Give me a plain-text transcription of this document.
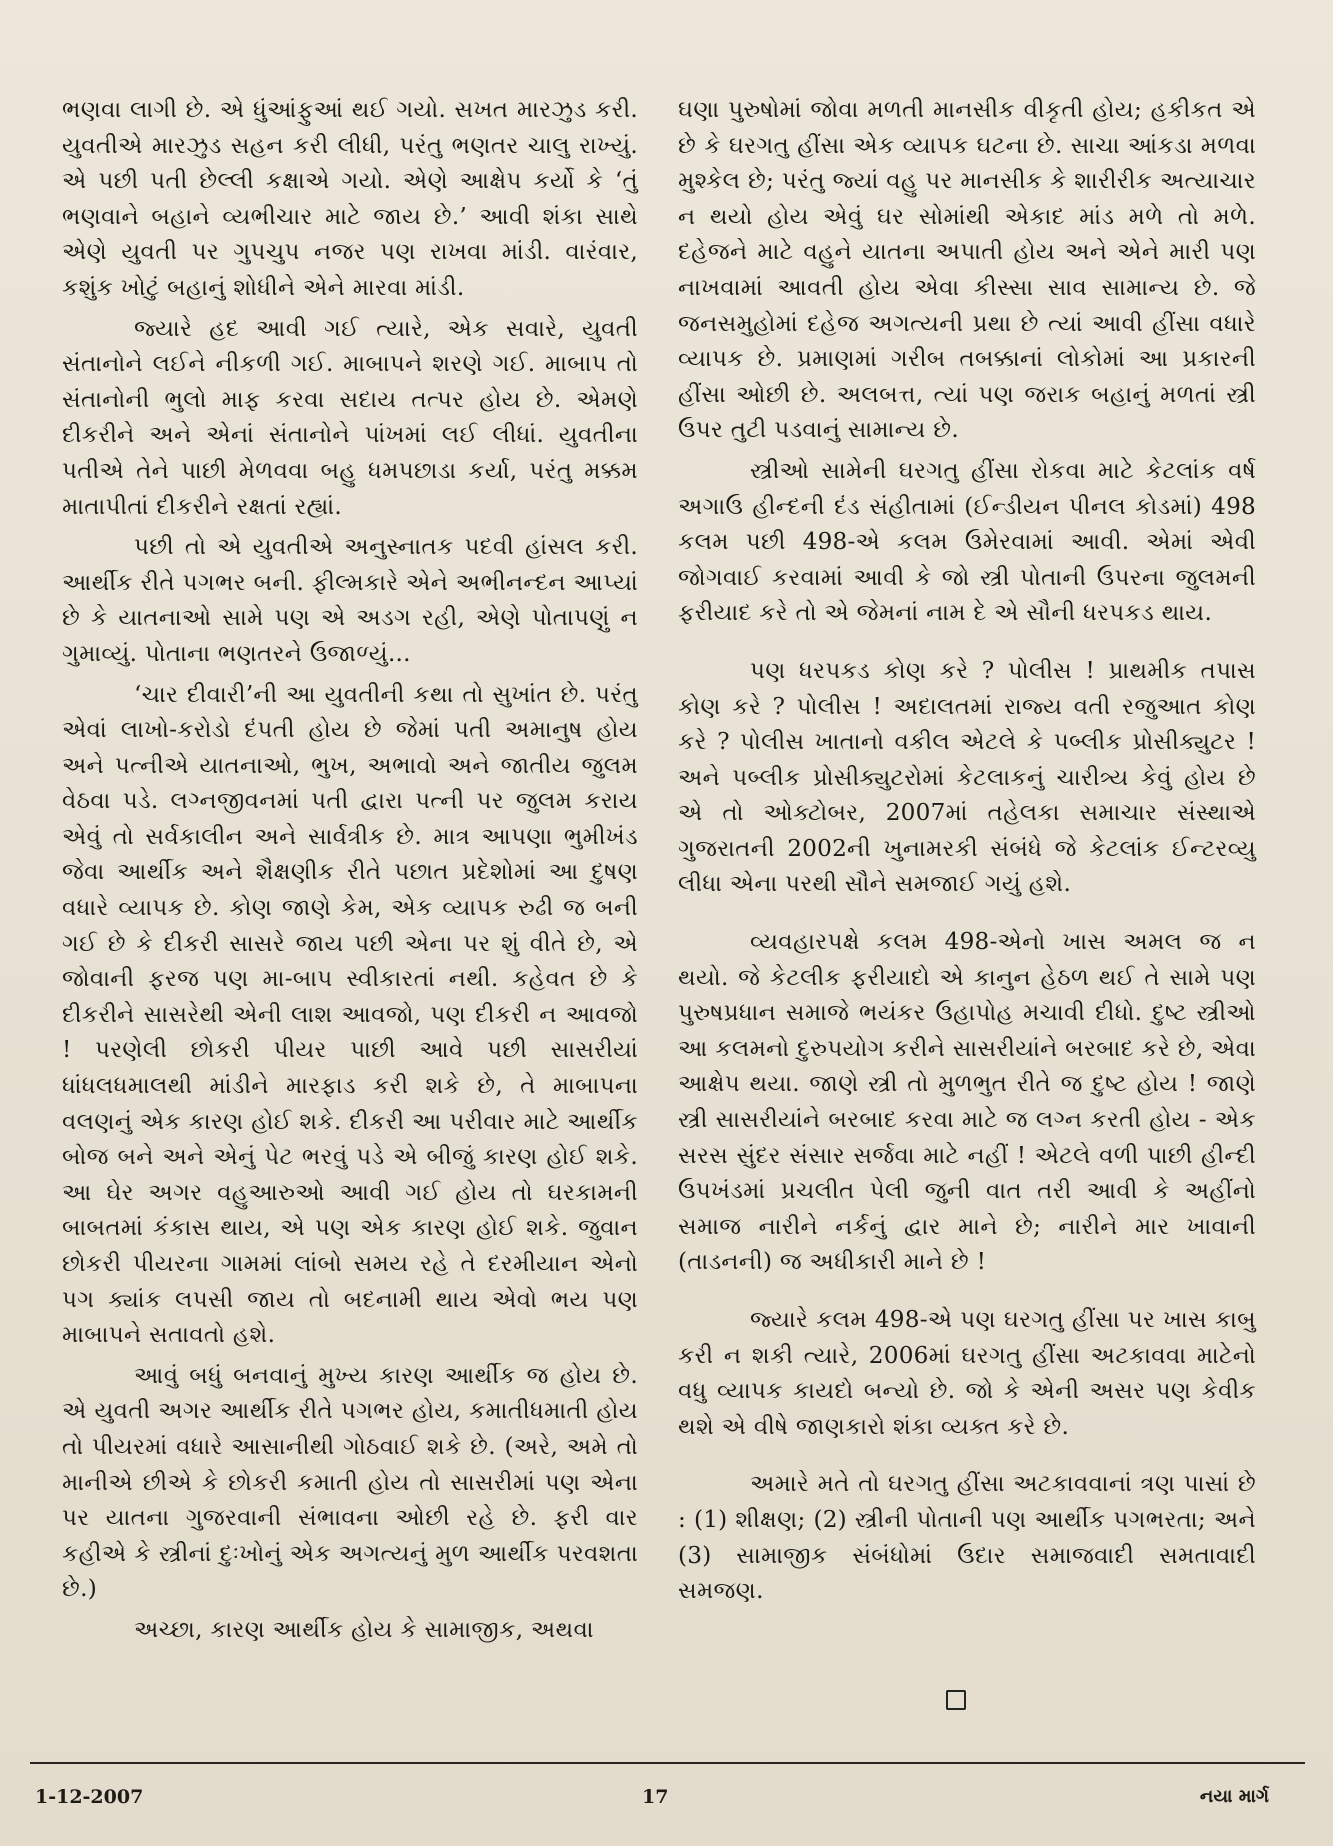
ભણવા લાગી છે. એ ધુંઆંફુઆં થઈ ગયો. સખત મારઝુડ કરી. યુવતીએ મારઝુડ સહન કરી લીધી, પરંતુ ભણતર ચાલુ રાખ્યું. એ પછી પતી છેલ્લી કક્ષાએ ગયો. એણે આક્ષેપ કર્યો કે ‘તું ભણવાને બહાને વ્યભીચાર માટે જાય છે.’ આવી શંકા સાથે એણે યુવતી પર ગુપચુપ નજર પણ રાખવા માંડી. વારંવાર, કશુંક ખોટું બહાનું શોધીને એને મારવા માંડી.

જ્યારે હદ આવી ગઈ ત્યારે, એક સવારે, યુવતી સંતાનોને લઈને નીકળી ગઈ. માબાપને શરણે ગઈ. માબાપ તો સંતાનોની ભુલો માફ કરવા સદાય તત્પર હોય છે. એમણે દીકરીને અને એનાં સંતાનોને પાંખમાં લઈ લીધાં. યુવતીના પતીએ તેને પાછી મેળવવા બહુ ધમપછાડા કર્યા, પરંતુ મક્કમ માતાપીતાં દીકરીને રક્ષતાં રહ્યાં.

પછી તો એ યુવતીએ અનુસ્નાતક પદવી હાંસલ કરી. આર્થીક રીતે પગભર બની. ફીલ્મકારે એને અભીનન્દન આપ્યાં છે કે યાતનાઓ સામે પણ એ અડગ રહી, એણે પોતાપણું ન ગુમાવ્યું. પોતાના ભણતરને ઉજાળ્યું...

‘ચાર દીવારી’ની આ યુવતીની કથા તો સુખાંત છે. પરંતુ એવાં લાખો-કરોડો દંપતી હોય છે જેમાં પતી અમાનુષ હોય અને પત્નીએ યાતનાઓ, ભુખ, અભાવો અને જાતીય જુલમ વેઠવા પડે. લગ્નજીવનમાં પતી દ્વારા પત્ની પર જુલમ કરાય એવું તો સર્વકાલીન અને સાર્વત્રીક છે. માત્ર આપણા ભુમીખંડ જેવા આર્થીક અને શૈક્ષણીક રીતે પછાત પ્રદેશોમાં આ દુષણ વધારે વ્યાપક છે. કોણ જાણે કેમ, એક વ્યાપક રુઢી જ બની ગઈ છે કે દીકરી સાસરે જાય પછી એના પર શું વીતે છે, એ જોવાની ફરજ પણ મા-બાપ સ્વીકારતાં નથી. કહેવત છે કે દીકરીને સાસરેથી એની લાશ આવજો, પણ દીકરી ન આવજો ! પરણેલી છોકરી પીયર પાછી આવે પછી સાસરીયાં ધાંધલધમાલથી માંડીને મારફાડ કરી શકે છે, તે માબાપના વલણનું એક કારણ હોઈ શકે. દીકરી આ પરીવાર માટે આર્થીક બોજ બને અને એનું પેટ ભરવું પડે એ બીજું કારણ હોઈ શકે. આ ઘેર અગર વહુઆરુઓ આવી ગઈ હોય તો ઘરકામની બાબતમાં કંકાસ થાય, એ પણ એક કારણ હોઈ શકે. જુવાન છોકરી પીયરના ગામમાં લાંબો સમય રહે તે દરમીયાન એનો પગ ક્યાંક લપસી જાય તો બદનામી થાય એવો ભય પણ માબાપને સતાવતો હશે.

આવું બધું બનવાનું મુખ્ય કારણ આર્થીક જ હોય છે. એ યુવતી અગર આર્થીક રીતે પગભર હોય, કમાતીધમાતી હોય તો પીયરમાં વધારે આસાનીથી ગોઠવાઈ શકે છે. (અરે, અમે તો માનીએ છીએ કે છોકરી કમાતી હોય તો સાસરીમાં પણ એના પર યાતના ગુજરવાની સંભાવના ઓછી રહે છે. ફરી વાર કહીએ કે સ્ત્રીનાં દુઃખોનું એક અગત્યનું મુળ આર્થીક પરવશતા છે.)

અચ્છા, કારણ આર્થીક હોય કે સામાજીક, અથવા

ઘણા પુરુષોમાં જોવા મળતી માનસીક વીકૃતી હોય; હકીકત એ છે કે ઘરગતુ હીંસા એક વ્યાપક ઘટના છે. સાચા આંકડા મળવા મુશ્કેલ છે; પરંતુ જ્યાં વહુ પર માનસીક કે શારીરીક અત્યાચાર ન થયો હોય એવું ઘર સોમાંથી એકાદ માંડ મળે તો મળે. દહેજને માટે વહુને યાતના અપાતી હોય અને એને મારી પણ નાખવામાં આવતી હોય એવા કીસ્સા સાવ સામાન્ય છે. જે જનસમુહોમાં દહેજ અગત્યની પ્રથા છે ત્યાં આવી હીંસા વધારે વ્યાપક છે. પ્રમાણમાં ગરીબ તબક્કાનાં લોકોમાં આ પ્રકારની હીંસા ઓછી છે. અલબત્ત, ત્યાં પણ જરાક બહાનું મળતાં સ્ત્રી ઉપર તુટી પડવાનું સામાન્ય છે.

સ્ત્રીઓ સામેની ઘરગતુ હીંસા રોકવા માટે કેટલાંક વર્ષ અગાઉ હીન્દની દંડ સંહીતામાં (ઈન્ડીયન પીનલ કોડમાં) 498 કલમ પછી 498-એ કલમ ઉમેરવામાં આવી. એમાં એવી જોગવાઈ કરવામાં આવી કે જો સ્ત્રી પોતાની ઉપરના જુલમની ફરીયાદ કરે તો એ જેમનાં નામ દે એ સૌની ધરપકડ થાય.

પણ ધરપકડ કોણ કરે ? પોલીસ ! પ્રાથમીક તપાસ કોણ કરે ? પોલીસ ! અદાલતમાં રાજ્ય વતી રજુઆત કોણ કરે ? પોલીસ ખાતાનો વકીલ એટલે કે પબ્લીક પ્રોસીક્યુટર ! અને પબ્લીક પ્રોસીક્યુટરોમાં કેટલાકનું ચારીત્ર્ય કેવું હોય છે એ તો ઓક્ટોબર, 2007માં તહેલકા સમાચાર સંસ્થાએ ગુજરાતની 2002ની ખુનામરકી સંબંધે જે કેટલાંક ઈન્ટરવ્યુ લીધા એના પરથી સૌને સમજાઈ ગયું હશે.

વ્યવહારપક્ષે કલમ 498-એનો ખાસ અમલ જ ન થયો. જે કેટલીક ફરીયાદો એ કાનુન હેઠળ થઈ તે સામે પણ પુરુષપ્રધાન સમાજે ભયંકર ઉહાપોહ મચાવી દીધો. દુષ્ટ સ્ત્રીઓ આ કલમનો દુરુપયોગ કરીને સાસરીયાંને બરબાદ કરે છે, એવા આક્ષેપ થયા. જાણે સ્ત્રી તો મુળભુત રીતે જ દુષ્ટ હોય ! જાણે સ્ત્રી સાસરીયાંને બરબાદ કરવા માટે જ લગ્ન કરતી હોય - એક સરસ સુંદર સંસાર સર્જવા માટે નહીં ! એટલે વળી પાછી હીન્દી ઉપખંડમાં પ્રચલીત પેલી જુની વાત તરી આવી કે અહીંનો સમાજ નારીને નર્કનું દ્વાર માને છે; નારીને માર ખાવાની (તાડનની) જ અધીકારી માને છે !

જ્યારે કલમ 498-એ પણ ઘરગતુ હીંસા પર ખાસ કાબુ કરી ન શકી ત્યારે, 2006માં ઘરગતુ હીંસા અટકાવવા માટેનો વધુ વ્યાપક કાયદો બન્યો છે. જો કે એની અસર પણ કેવીક થશે એ વીષે જાણકારો શંકા વ્યક્ત કરે છે.

અમારે મતે તો ઘરગતુ હીંસા અટકાવવાનાં ત્રણ પાસાં છે : (1) શીક્ષણ; (2) સ્ત્રીની પોતાની પણ આર્થીક પગભરતા; અને (3) સામાજીક સંબંધોમાં ઉદાર સમાજવાદી સમતાવાદી સમજણ.

1-12-2007	17	નયા માર્ગ
